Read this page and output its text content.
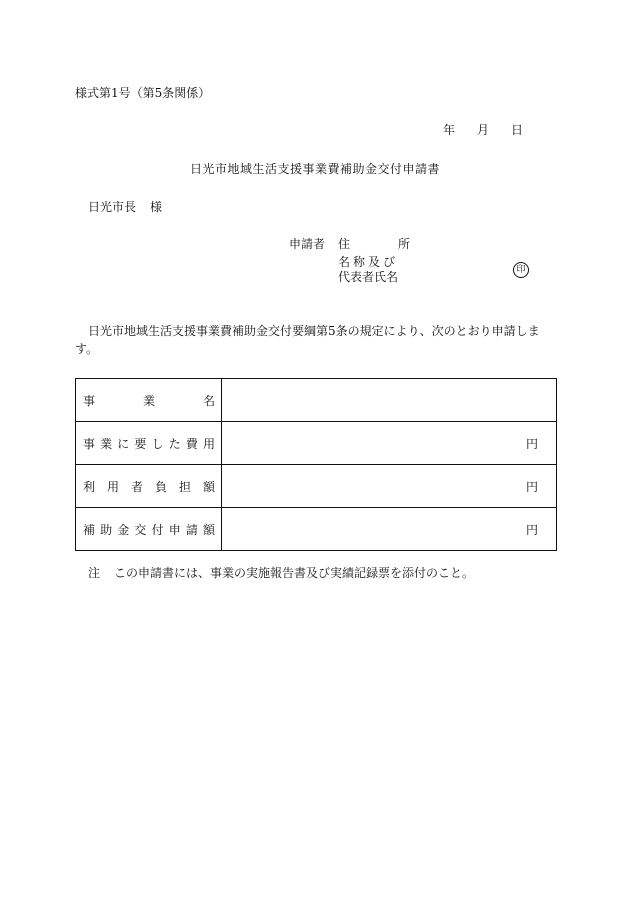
様式第1号（第5条関係）
年 月 日
日光市地域生活支援事業費補助金交付申請書
日光市長 様
申請者 住	所
名称及び
代表者氏名	印
日光市地域生活支援事業費補助金交付要綱第5条の規定により、次のとおり申請します。
事業名	
事業に要した費用	円
利用者負担額	円
補助金交付申請額	円
注 この申請書には、事業の実施報告書及び実績記録票を添付のこと。
